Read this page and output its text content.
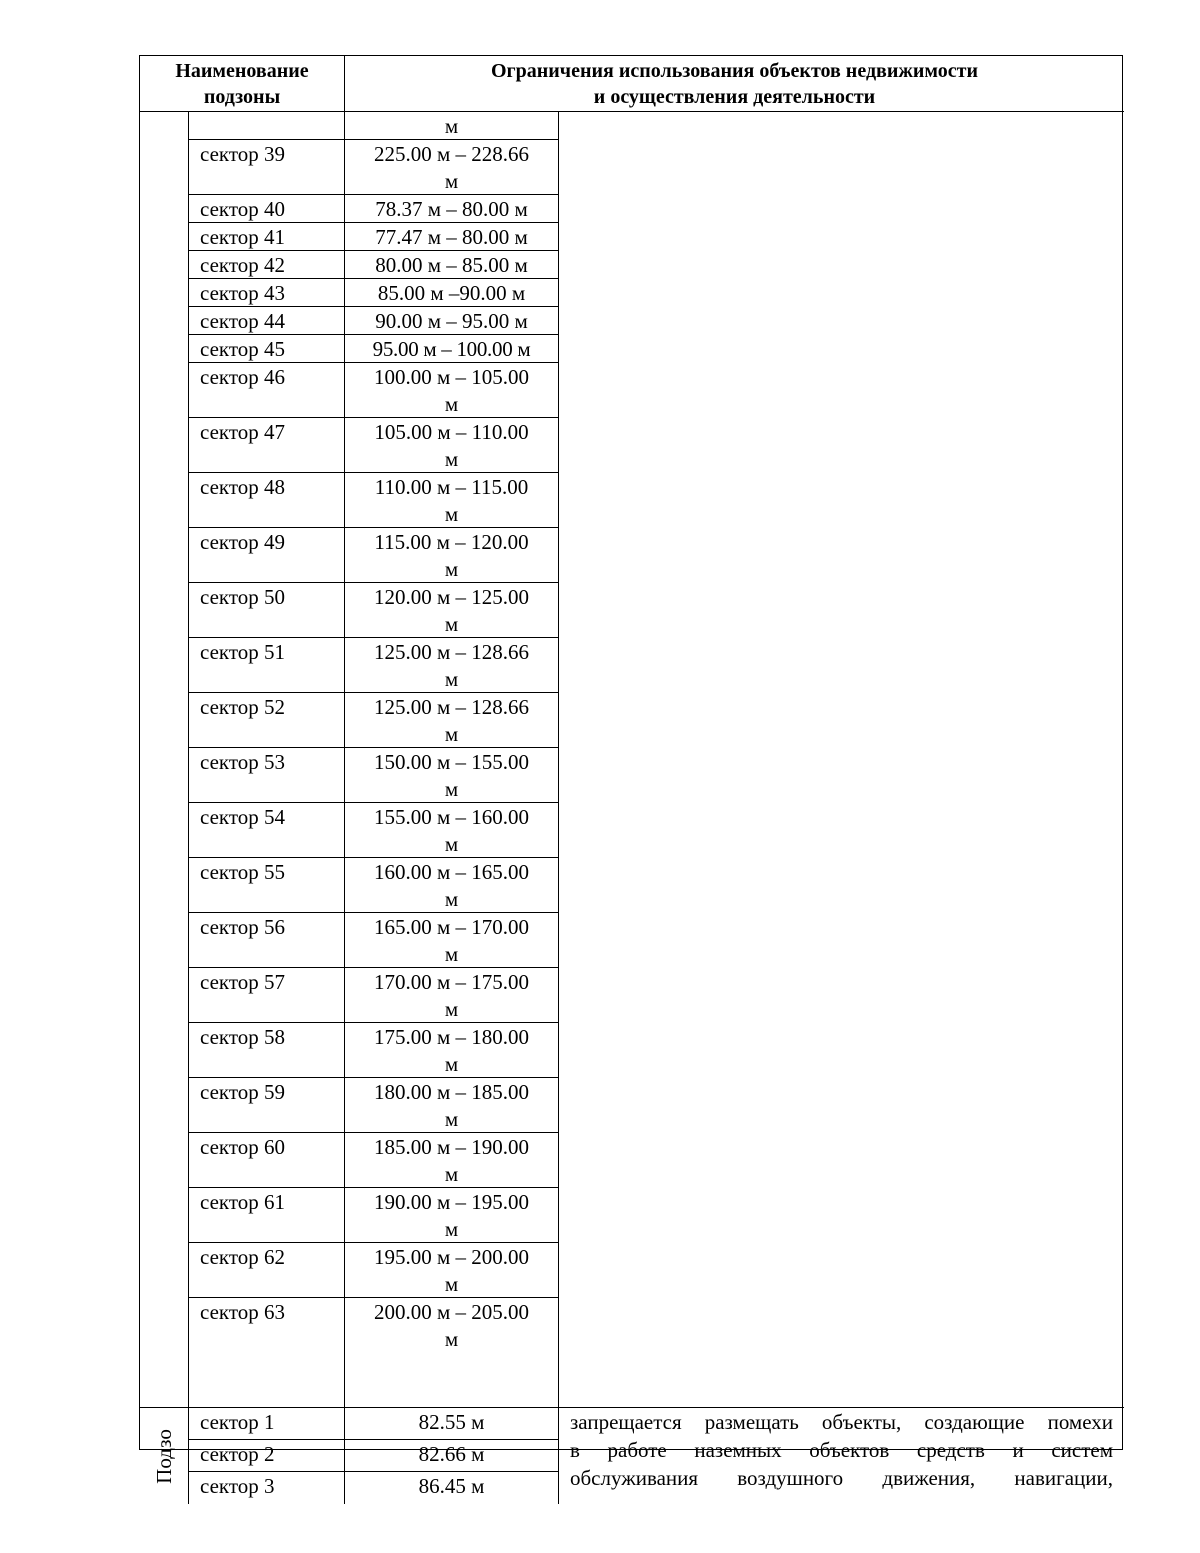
Наименование
подзоны
Ограничения использования объектов недвижимости
и осуществления деятельности
м
сектор 39	225.00 м – 228.66
м
сектор 40	78.37 м – 80.00 м
сектор 41	77.47 м – 80.00 м
сектор 42	80.00 м – 85.00 м
сектор 43	85.00 м –90.00 м
сектор 44	90.00 м – 95.00 м
сектор 45	95.00 м – 100.00 м
сектор 46	100.00 м – 105.00
м
сектор 47	105.00 м – 110.00
м
сектор 48	110.00 м – 115.00
м
сектор 49	115.00 м – 120.00
м
сектор 50	120.00 м – 125.00
м
сектор 51	125.00 м – 128.66
м
сектор 52	125.00 м – 128.66
м
сектор 53	150.00 м – 155.00
м
сектор 54	155.00 м – 160.00
м
сектор 55	160.00 м – 165.00
м
сектор 56	165.00 м – 170.00
м
сектор 57	170.00 м – 175.00
м
сектор 58	175.00 м – 180.00
м
сектор 59	180.00 м – 185.00
м
сектор 60	185.00 м – 190.00
м
сектор 61	190.00 м – 195.00
м
сектор 62	195.00 м – 200.00
м
сектор 63	200.00 м – 205.00
м
Подзо
сектор 1	82.55 м
сектор 2	82.66 м
сектор 3	86.45 м
запрещается размещать объекты, создающие помехи
в работе наземных объектов средств и систем
обслуживания воздушного движения, навигации,
